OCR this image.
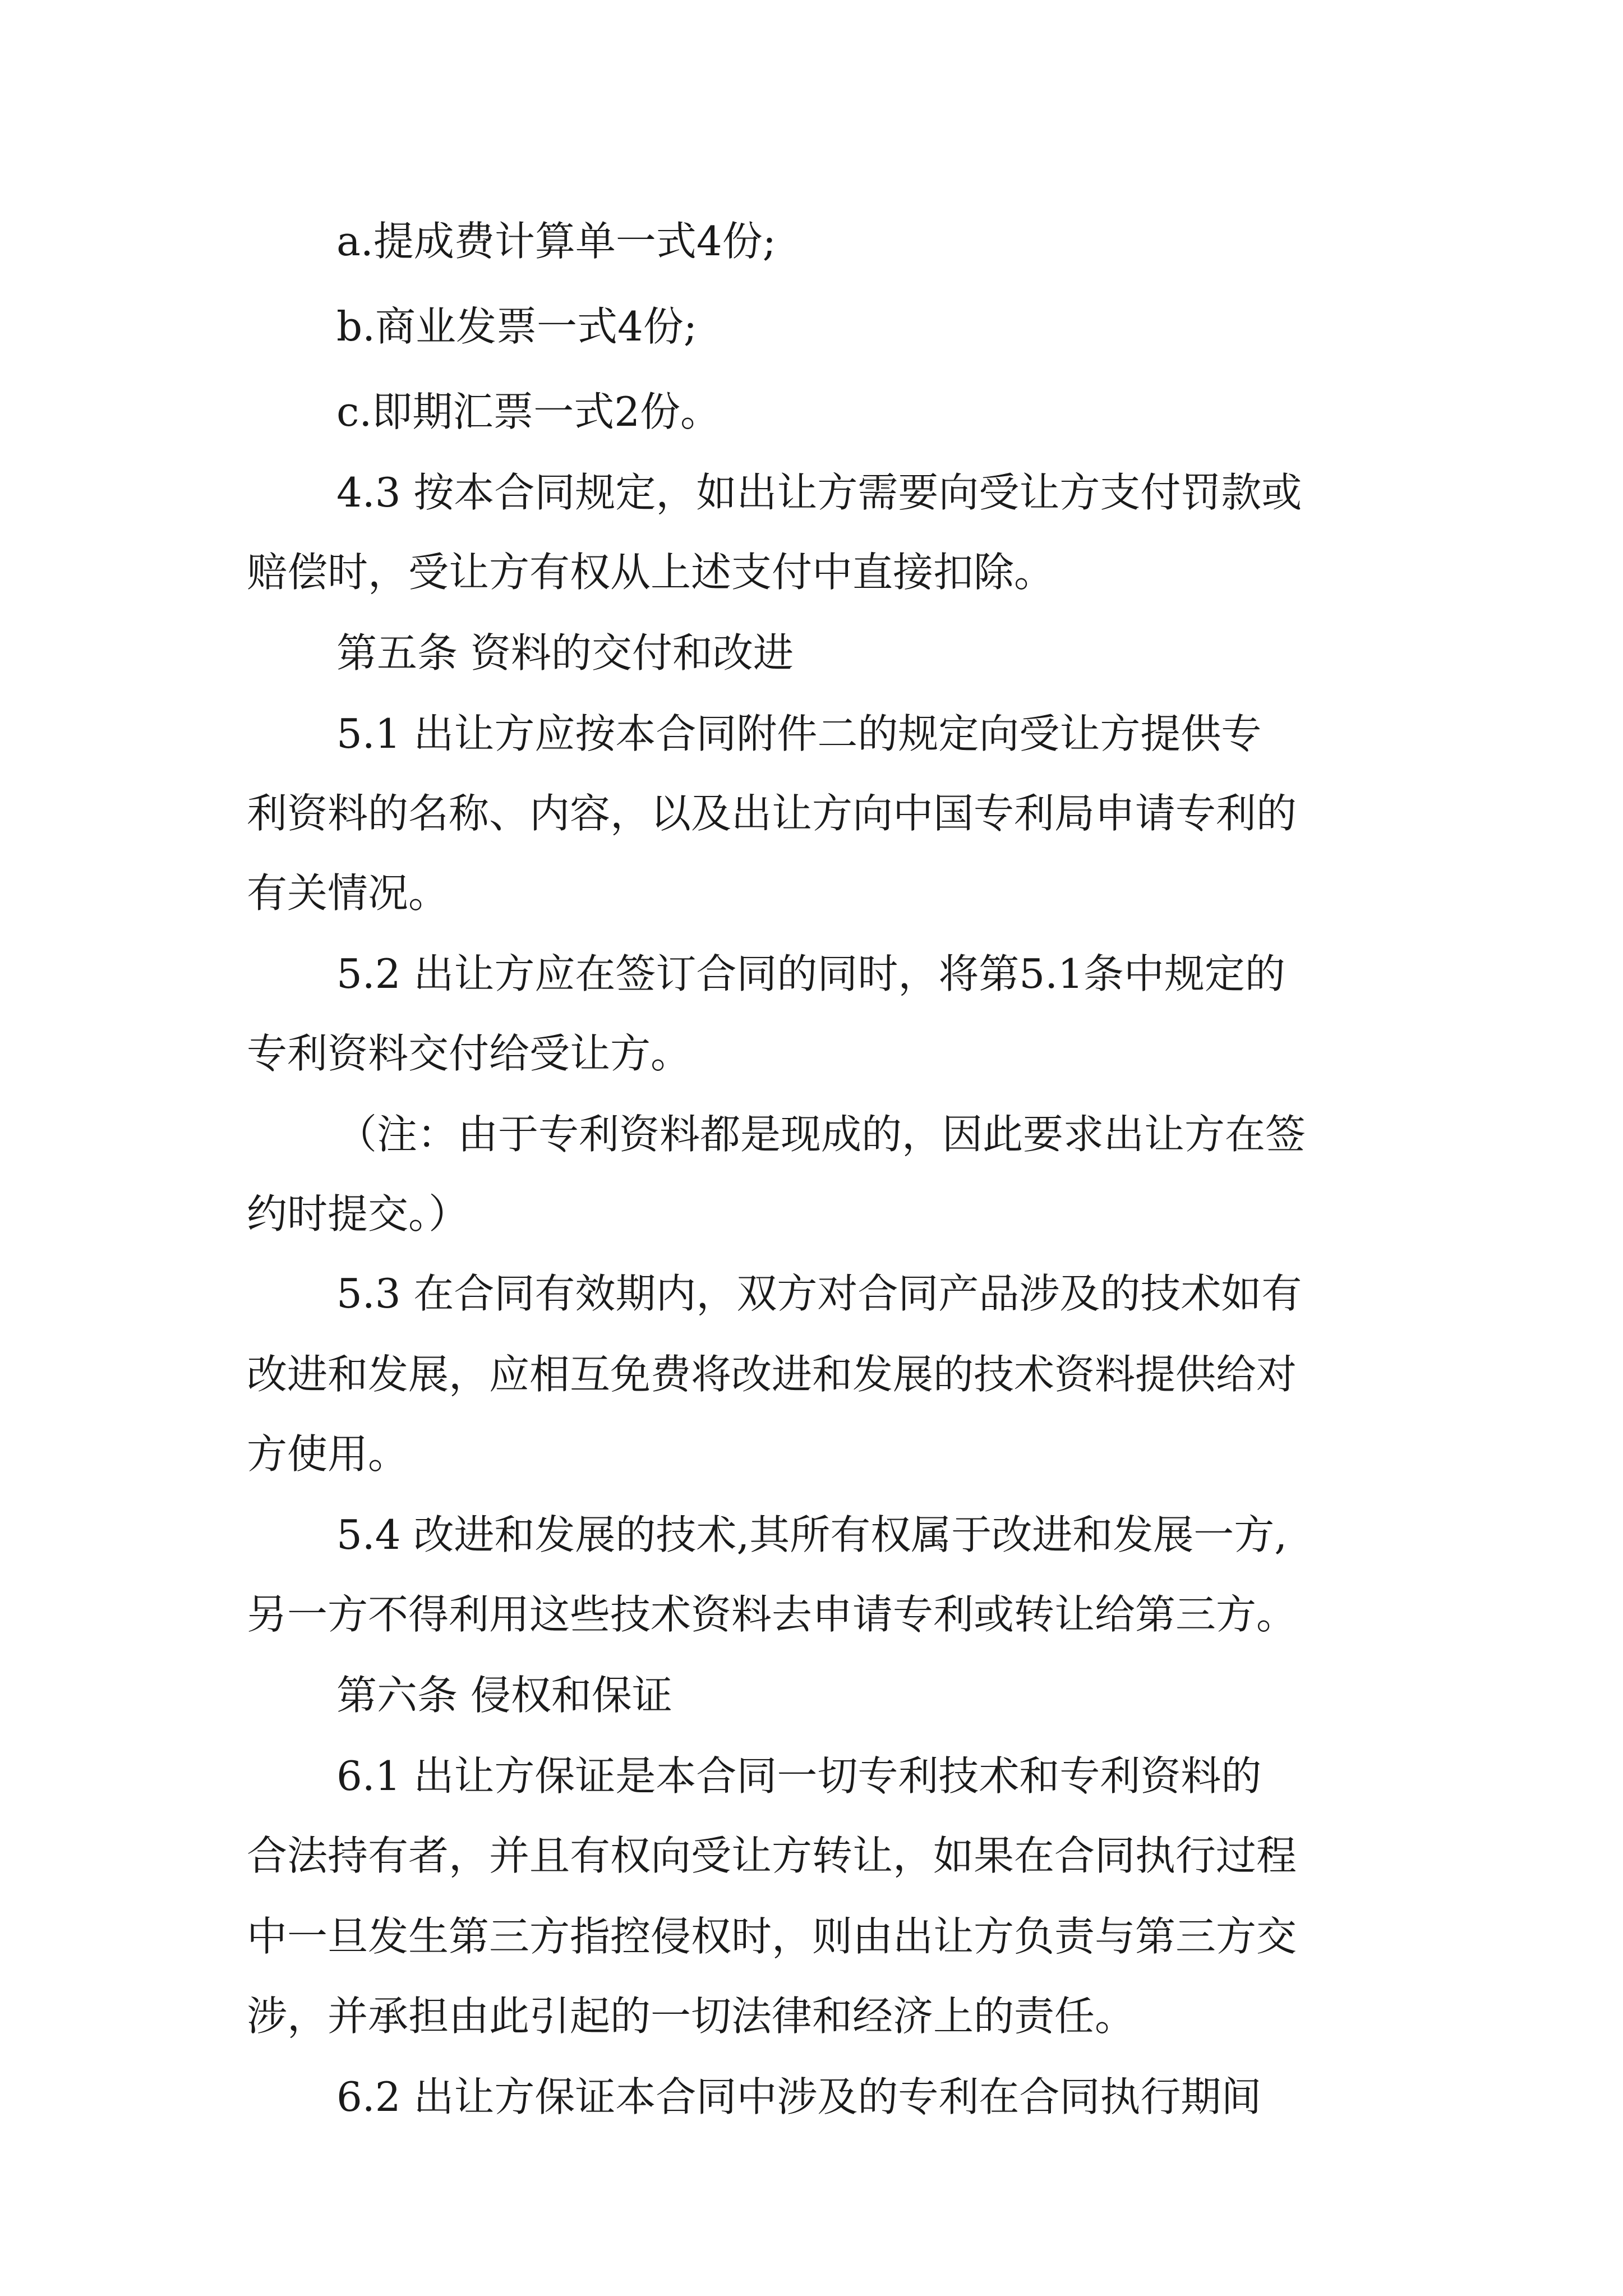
a.提成费计算单一式4份;

b.商业发票一式4份;

c.即期汇票一式2份。

4.3 按本合同规定，如出让方需要向受让方支付罚款或

赔偿时，受让方有权从上述支付中直接扣除。

第五条 资料的交付和改进

5.1 出让方应按本合同附件二的规定向受让方提供专

利资料的名称、内容，以及出让方向中国专利局申请专利的

有关情况。

5.2 出让方应在签订合同的同时，将第5.1条中规定的

专利资料交付给受让方。

（注：由于专利资料都是现成的，因此要求出让方在签

约时提交。）

5.3 在合同有效期内，双方对合同产品涉及的技术如有

改进和发展，应相互免费将改进和发展的技术资料提供给对

方使用。

5.4 改进和发展的技术,其所有权属于改进和发展一方,

另一方不得利用这些技术资料去申请专利或转让给第三方。

第六条 侵权和保证

6.1 出让方保证是本合同一切专利技术和专利资料的

合法持有者，并且有权向受让方转让，如果在合同执行过程

中一旦发生第三方指控侵权时，则由出让方负责与第三方交

涉，并承担由此引起的一切法律和经济上的责任。

6.2 出让方保证本合同中涉及的专利在合同执行期间
